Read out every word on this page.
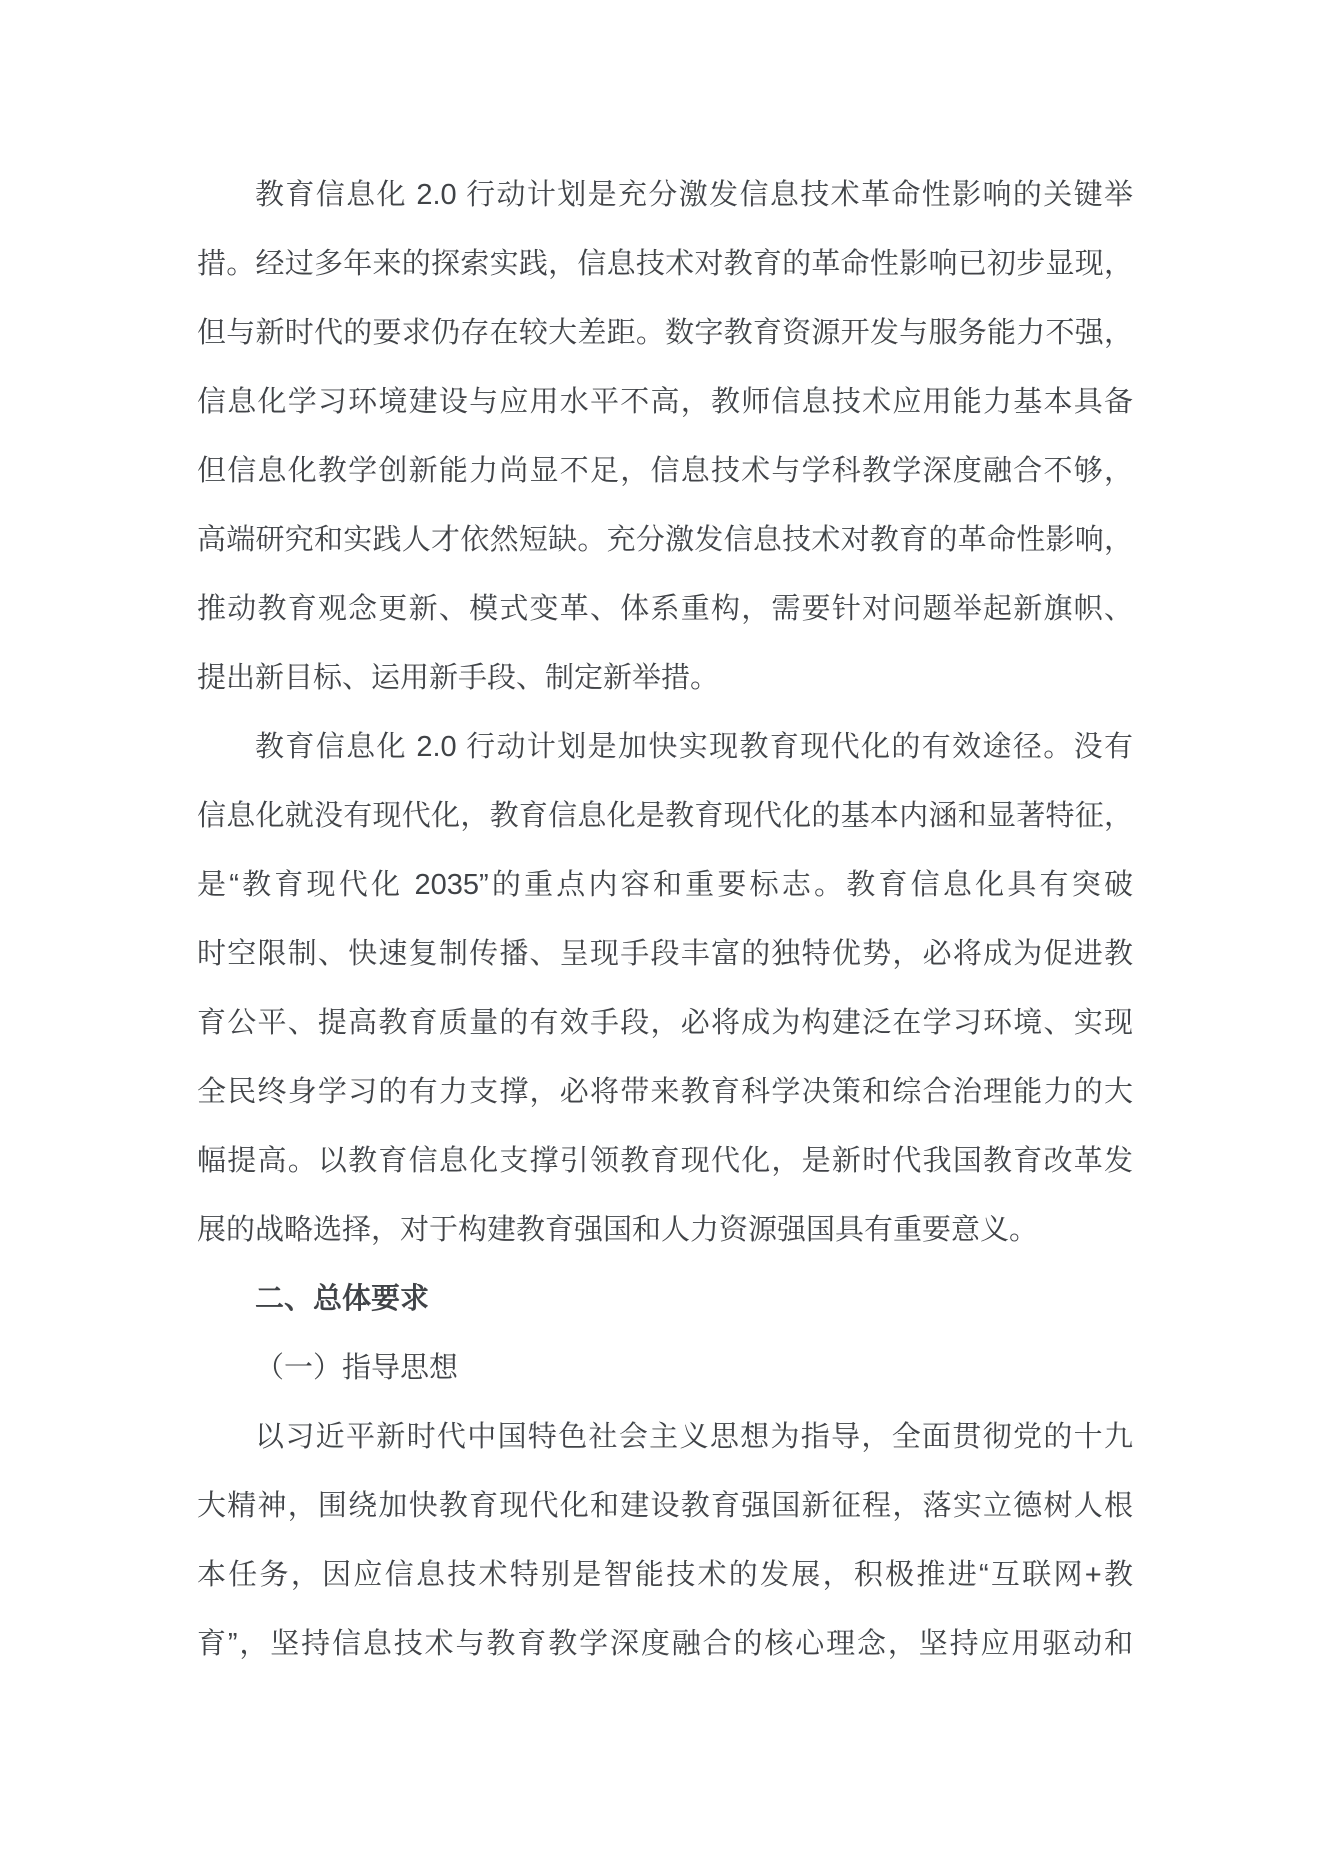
教育信息化 2.0 行动计划是充分激发信息技术革命性影响的关键举
措。经过多年来的探索实践，信息技术对教育的革命性影响已初步显现，
但与新时代的要求仍存在较大差距。数字教育资源开发与服务能力不强，
信息化学习环境建设与应用水平不高，教师信息技术应用能力基本具备
但信息化教学创新能力尚显不足，信息技术与学科教学深度融合不够，
高端研究和实践人才依然短缺。充分激发信息技术对教育的革命性影响，
推动教育观念更新、模式变革、体系重构，需要针对问题举起新旗帜、
提出新目标、运用新手段、制定新举措。
教育信息化 2.0 行动计划是加快实现教育现代化的有效途径。没有
信息化就没有现代化，教育信息化是教育现代化的基本内涵和显著特征，
是“教育现代化 2035”的重点内容和重要标志。教育信息化具有突破
时空限制、快速复制传播、呈现手段丰富的独特优势，必将成为促进教
育公平、提高教育质量的有效手段，必将成为构建泛在学习环境、实现
全民终身学习的有力支撑，必将带来教育科学决策和综合治理能力的大
幅提高。以教育信息化支撑引领教育现代化，是新时代我国教育改革发
展的战略选择，对于构建教育强国和人力资源强国具有重要意义。
二、总体要求
（一）指导思想
以习近平新时代中国特色社会主义思想为指导，全面贯彻党的十九
大精神，围绕加快教育现代化和建设教育强国新征程，落实立德树人根
本任务，因应信息技术特别是智能技术的发展，积极推进“互联网+教
育”，坚持信息技术与教育教学深度融合的核心理念，坚持应用驱动和
